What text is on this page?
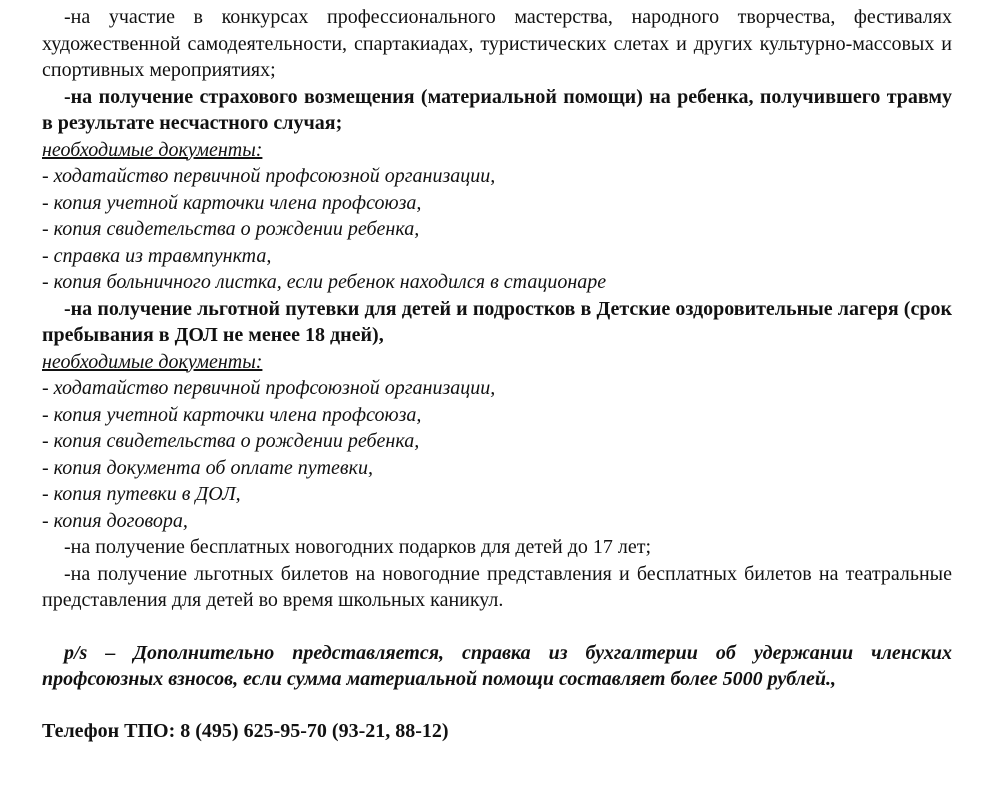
-на участие в конкурсах профессионального мастерства, народного творчества, фестивалях художественной самодеятельности, спартакиадах, туристических слетах и других культурно-массовых и спортивных мероприятиях;

-на получение страхового возмещения (материальной помощи) на ребенка, получившего травму в результате несчастного случая;

необходимые документы:

- ходатайство первичной профсоюзной организации,

- копия учетной карточки члена профсоюза,

- копия свидетельства о рождении ребенка,

- справка из травмпункта,

- копия больничного листка, если ребенок находился в стационаре

-на получение льготной путевки для детей и подростков в Детские оздоровительные лагеря (срок пребывания в ДОЛ не менее 18 дней),

необходимые документы:

- ходатайство первичной профсоюзной организации,

- копия учетной карточки члена профсоюза,

- копия свидетельства о рождении ребенка,

- копия документа об оплате путевки,

- копия путевки в ДОЛ,

- копия договора,

-на получение бесплатных новогодних подарков для детей до 17 лет;

-на получение льготных билетов на новогодние представления и бесплатных билетов на театральные представления для детей во время школьных каникул.

p/s – Дополнительно представляется, справка из бухгалтерии об удержании членских профсоюзных взносов, если сумма материальной помощи составляет более 5000 рублей.,

Телефон ТПО: 8 (495) 625-95-70 (93-21, 88-12)
